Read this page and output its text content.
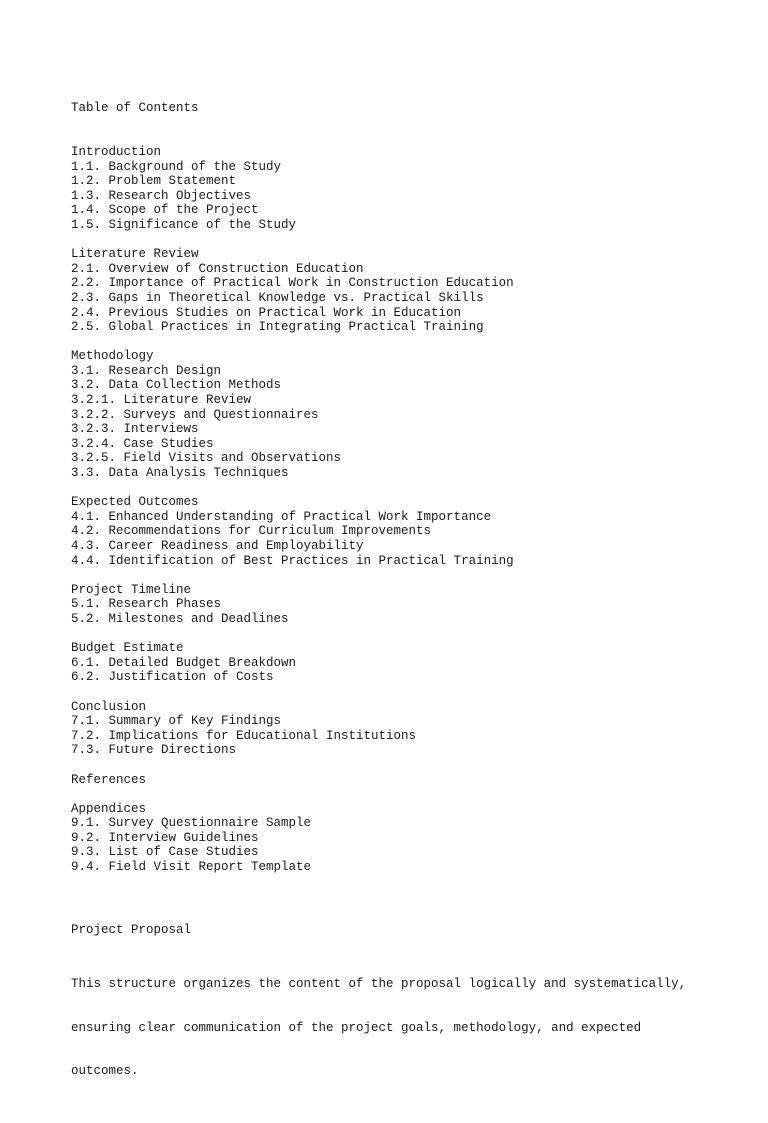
Table of Contents

Introduction
1.1. Background of the Study
1.2. Problem Statement
1.3. Research Objectives
1.4. Scope of the Project
1.5. Significance of the Study
Literature Review
2.1. Overview of Construction Education
2.2. Importance of Practical Work in Construction Education
2.3. Gaps in Theoretical Knowledge vs. Practical Skills
2.4. Previous Studies on Practical Work in Education
2.5. Global Practices in Integrating Practical Training
Methodology
3.1. Research Design
3.2. Data Collection Methods
3.2.1. Literature Review
3.2.2. Surveys and Questionnaires
3.2.3. Interviews
3.2.4. Case Studies
3.2.5. Field Visits and Observations
3.3. Data Analysis Techniques
Expected Outcomes
4.1. Enhanced Understanding of Practical Work Importance
4.2. Recommendations for Curriculum Improvements
4.3. Career Readiness and Employability
4.4. Identification of Best Practices in Practical Training
Project Timeline
5.1. Research Phases
5.2. Milestones and Deadlines
Budget Estimate
6.1. Detailed Budget Breakdown
6.2. Justification of Costs
Conclusion
7.1. Summary of Key Findings
7.2. Implications for Educational Institutions
7.3. Future Directions
References
Appendices
9.1. Survey Questionnaire Sample
9.2. Interview Guidelines
9.3. List of Case Studies
9.4. Field Visit Report Template

This structure organizes the content of the proposal logically and systematically,

ensuring clear communication of the project goals, methodology, and expected

outcomes.

Project Proposal
